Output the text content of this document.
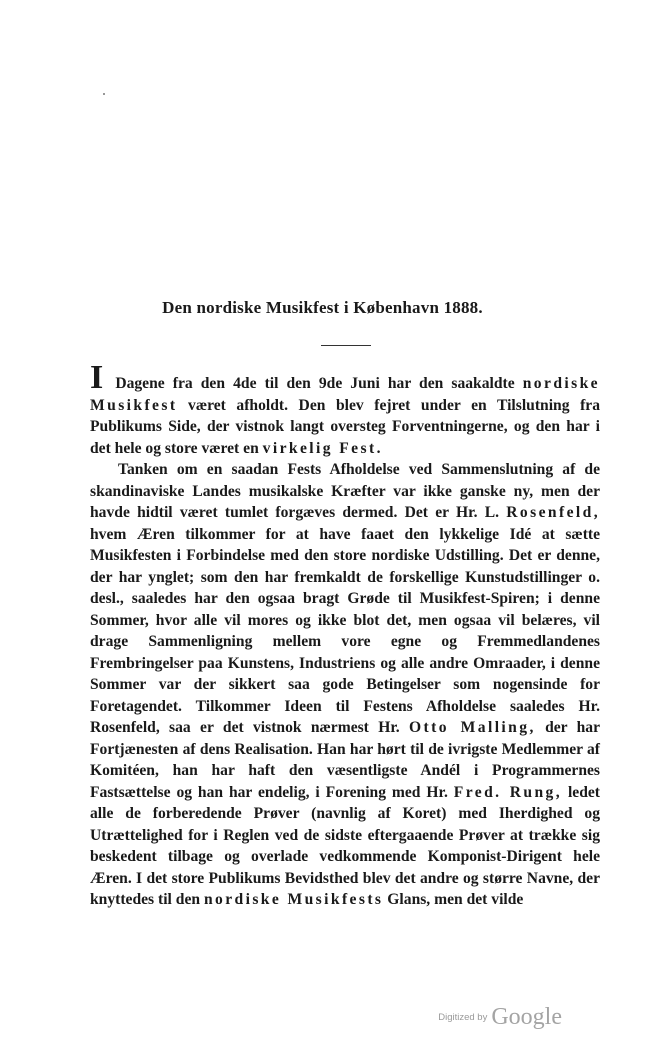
Den nordiske Musikfest i København 1888.

I Dagene fra den 4de til den 9de Juni har den saakaldte nordiske Musikfest været afholdt. Den blev fejret under en Tilslutning fra Publikums Side, der vistnok langt oversteg Forventningerne, og den har i det hele og store været en virkelig Fest.

Tanken om en saadan Fests Afholdelse ved Sammenslutning af de skandinaviske Landes musikalske Kræfter var ikke ganske ny, men der havde hidtil været tumlet forgæves dermed. Det er Hr. L. Rosenfeld, hvem Æren tilkommer for at have faaet den lykkelige Idé at sætte Musikfesten i Forbindelse med den store nordiske Udstilling. Det er denne, der har ynglet; som den har fremkaldt de forskellige Kunstudstillinger o. desl., saaledes har den ogsaa bragt Grøde til Musikfest-Spiren; i denne Sommer, hvor alle vil mores og ikke blot det, men ogsaa vil belæres, vil drage Sammenligning mellem vore egne og Fremmedlandenes Frembringelser paa Kunstens, Industriens og alle andre Omraader, i denne Sommer var der sikkert saa gode Betingelser som nogensinde for Foretagendet. Tilkommer Ideen til Festens Afholdelse saaledes Hr. Rosenfeld, saa er det vistnok nærmest Hr. Otto Malling, der har Fortjænesten af dens Realisation. Han har hørt til de ivrigste Medlemmer af Komitéen, han har haft den væsentligste Andél i Programmernes Fastsættelse og han har endelig, i Forening med Hr. Fred. Rung, ledet alle de forberedende Prøver (navnlig af Koret) med Iherdighed og Utrættelighed for i Reglen ved de sidste eftergaaende Prøver at trække sig beskedent tilbage og overlade vedkommende Komponist-Dirigent hele Æren. I det store Publikums Bevidsthed blev det andre og større Navne, der knyttedes til den nordiske Musikfests Glans, men det vilde

$^{Digitized by}$ Google
